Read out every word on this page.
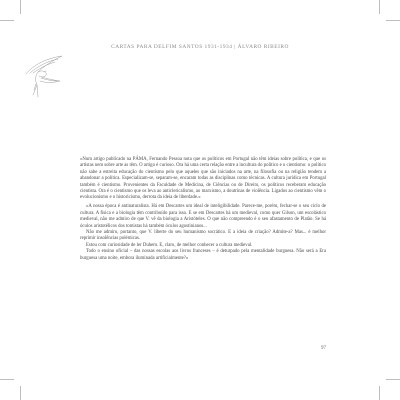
CARTAS PARA DELFIM SANTOS 1931-1934 | ÁLVARO RIBEIRO

«Num artigo publicado na PÁMA, Fernando Pessoa nota que os políticos em Portugal não têm ideias sobre política, e que os artistas nem sobre arte as têm. O artigo é curioso. Ora há uma certa relação entre a incultura do político e o cientismo: o político não sabe a estreita educação do cientismo pelo que aqueles que são iniciados na arte, na filosofia ou na religião tendem a abandonar a política. Especializam-se, separam-se, encaram todas as disciplinas como técnicas. A cultura jurídica em Portugal também é cientismo. Provenientes da Faculdade de Medicina, de Ciências ou de Direito, os políticos receberam educação cientista. Ora é o cientismo que os leva ao anticlericalismo, ao marxismo, a doutrinas de violência. Ligados ao cientismo vêm o evolucionismo e o historicismo, derrota da ideia de liberdade.»

«A nossa época é antinaturalista. Há em Descartes um ideal de inteligibilidade. Parece-me, porém, fechar-se o seu ciclo de cultura. A física e a biologia têm contribuído para isso. E se em Descartes há um medieval, como quer Gilson, um escolástico medieval, não me admiro de que V. vê da biologia a Aristóteles. O que não compreendo é o seu afastamento de Platão. Se há óculos aristotélicos dos tomistas há também óculos agostinianos...

Não me admiro, portanto, que V. liberte do seu humanismo socrático. E a ideia de criação? Admite-a? Mas... é melhor reprimir insolências polémicas.

Estou com curiosidade de ler Duhem. E, claro, de melhor conhecer a cultura medieval.

Todo o ensino oficial – das nossas escolas aos livros franceses – é deturpado pela mentalidade burguesa. Não será a Era burguesa uma noite, embora iluminada artificialmente?»

97
